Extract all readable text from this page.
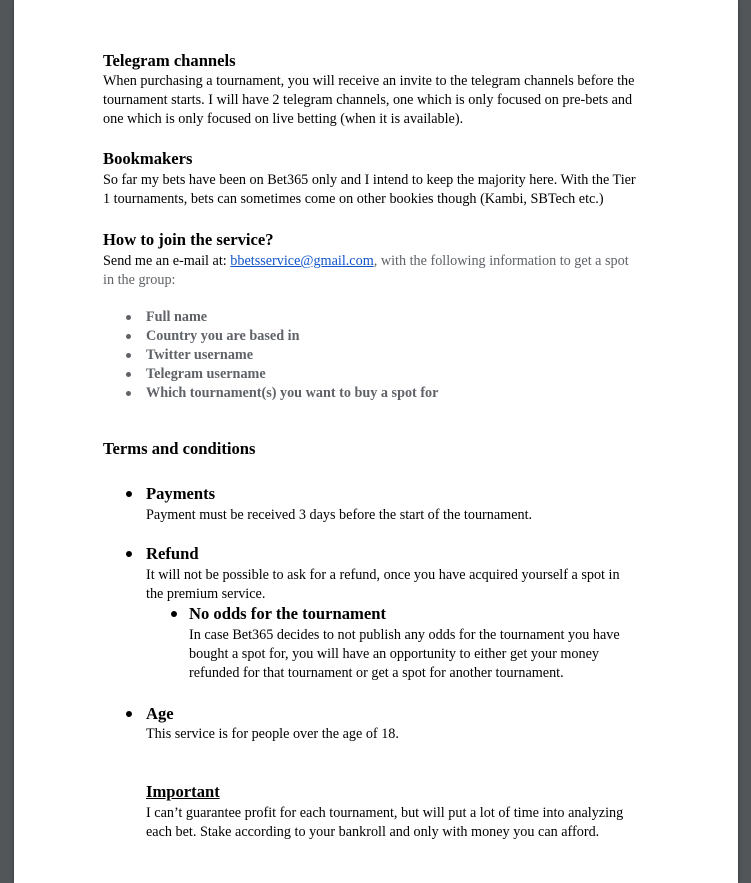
Telegram channels
When purchasing a tournament, you will receive an invite to the telegram channels before the
tournament starts. I will have 2 telegram channels, one which is only focused on pre-bets and
one which is only focused on live betting (when it is available).
Bookmakers
So far my bets have been on Bet365 only and I intend to keep the majority here. With the Tier
1 tournaments, bets can sometimes come on other bookies though (Kambi, SBTech etc.)
How to join the service?
Send me an e-mail at: bbetsservice@gmail.com, with the following information to get a spot
in the group:
Full name
Country you are based in
Twitter username
Telegram username
Which tournament(s) you want to buy a spot for
Terms and conditions
Payments
Payment must be received 3 days before the start of the tournament.
Refund
It will not be possible to ask for a refund, once you have acquired yourself a spot in
the premium service.
No odds for the tournament
In case Bet365 decides to not publish any odds for the tournament you have
bought a spot for, you will have an opportunity to either get your money
refunded for that tournament or get a spot for another tournament.
Age
This service is for people over the age of 18.
Important
I can’t guarantee profit for each tournament, but will put a lot of time into analyzing
each bet. Stake according to your bankroll and only with money you can afford.
